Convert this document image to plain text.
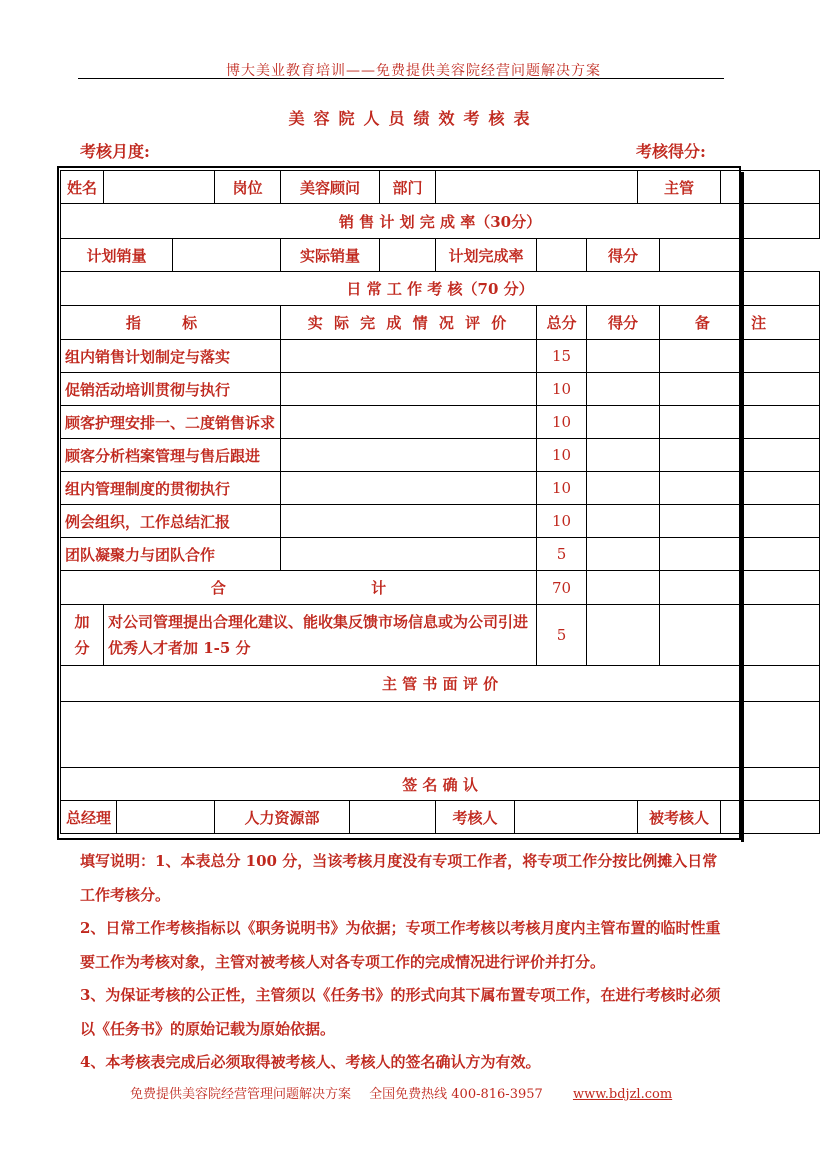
博大美业教育培训——免费提供美容院经营问题解决方案
美容院人员绩效考核表
考核月度:	考核得分:
姓名				岗位	美容顾问		部门					主管		
销 售 计 划 完 成 率（30分）														
计划销量					实际销量			计划完成率			得分			
日 常 工 作 考 核（70 分）														
指 标					实 际 完 成 情 况 评 价					总分	得分		备 注	
组内销售计划制定与落实										15				
促销活动培训贯彻与执行										10				
顾客护理安排一、二度销售诉求										10				
顾客分析档案管理与售后跟进										10				
组内管理制度的贯彻执行										10				
例会组织，工作总结汇报										10				
团队凝聚力与团队合作										5				
合 计										70				
加分	对公司管理提出合理化建议、能收集反馈市场信息或为公司引进优秀人才者加 1-5 分									5				
主 管 书 面 评 价														

签 名 确 认														
总经理				人力资源部				考核人				被考核人		

填写说明：1、本表总分 100 分，当该考核月度没有专项工作者，将专项工作分按比例摊入日常工作考核分。

2、日常工作考核指标以《职务说明书》为依据；专项工作考核以考核月度内主管布置的临时性重要工作为考核对象，主管对被考核人对各专项工作的完成情况进行评价并打分。

3、为保证考核的公正性，主管须以《任务书》的形式向其下属布置专项工作，在进行考核时必须以《任务书》的原始记载为原始依据。

4、本考核表完成后必须取得被考核人、考核人的签名确认方为有效。

免费提供美容院经营管理问题解决方案 全国免费热线 400-816-3957 www.bdjzl.com
